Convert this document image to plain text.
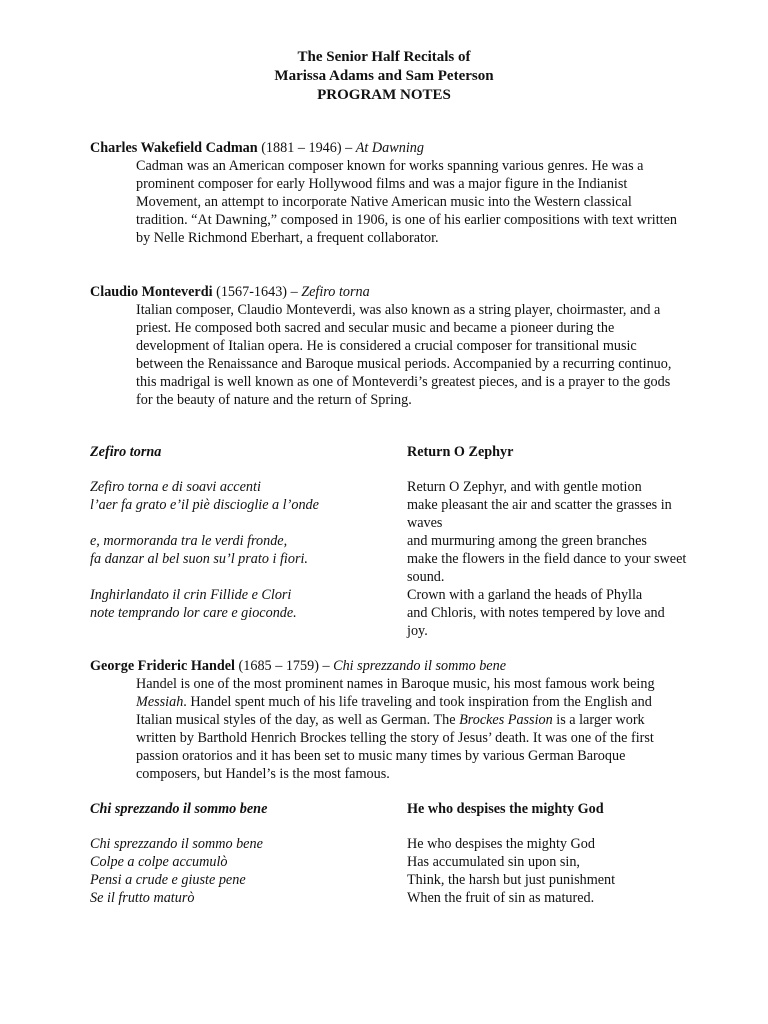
The Senior Half Recitals of
Marissa Adams and Sam Peterson
PROGRAM NOTES
Charles Wakefield Cadman (1881 – 1946) – At Dawning

Cadman was an American composer known for works spanning various genres. He was a prominent composer for early Hollywood films and was a major figure in the Indianist Movement, an attempt to incorporate Native American music into the Western classical tradition. “At Dawning,” composed in 1906, is one of his earlier compositions with text written by Nelle Richmond Eberhart, a frequent collaborator.

Claudio Monteverdi (1567-1643) – Zefiro torna

Italian composer, Claudio Monteverdi, was also known as a string player, choirmaster, and a priest. He composed both sacred and secular music and became a pioneer during the development of Italian opera. He is considered a crucial composer for transitional music between the Renaissance and Baroque musical periods. Accompanied by a recurring continuo, this madrigal is well known as one of Monteverdi’s greatest pieces, and is a prayer to the gods for the beauty of nature and the return of Spring.

Zefiro torna	Return O Zephyr
Zefiro torna e di soavi accenti
l’aer fa grato e’il piè discioglie a l’onde
e, mormoranda tra le verdi fronde,
fa danzar al bel suon su’l prato i fiori.
Inghirlandato il crin Fillide e Clori
note temprando lor care e gioconde.

Return O Zephyr, and with gentle motion

make pleasant the air and scatter the grasses in waves

and murmuring among the green branches

make the flowers in the field dance to your sweet sound.

Crown with a garland the heads of Phylla

and Chloris, with notes tempered by love and joy.

George Frideric Handel (1685 – 1759) – Chi sprezzando il sommo bene

Handel is one of the most prominent names in Baroque music, his most famous work being Messiah. Handel spent much of his life traveling and took inspiration from the English and Italian musical styles of the day, as well as German. The Brockes Passion is a larger work written by Barthold Henrich Brockes telling the story of Jesus’ death. It was one of the first passion oratorios and it has been set to music many times by various German Baroque composers, but Handel’s is the most famous.

Chi sprezzando il sommo bene	He who despises the mighty God
Chi sprezzando il sommo bene
Colpe a colpe accumulò
Pensi a crude e giuste pene
Se il frutto maturò

He who despises the mighty God

Has accumulated sin upon sin,

Think, the harsh but just punishment

When the fruit of sin as matured.
